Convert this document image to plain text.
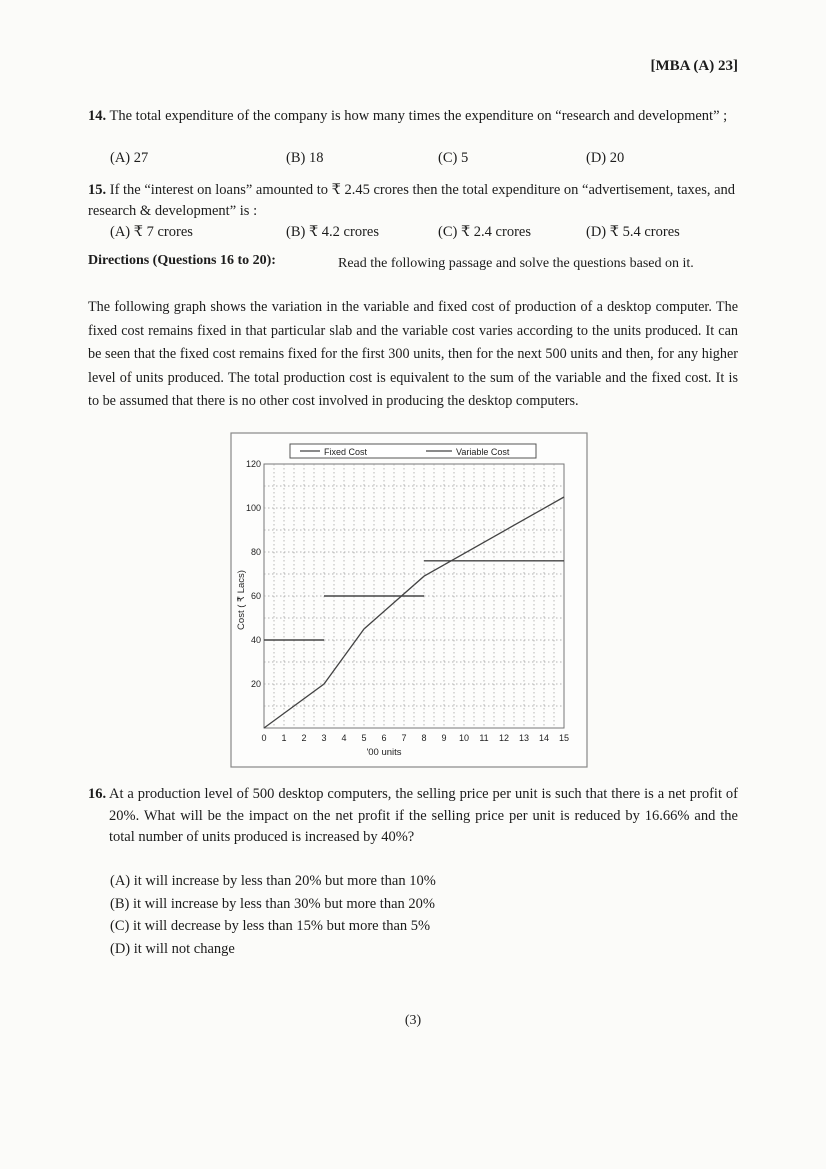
[MBA (A) 23]
14. The total expenditure of the company is how many times the expenditure on “research and development” ;
(A) 27	(B) 18	(C) 5	(D) 20
15. If the “interest on loans” amounted to ₹ 2.45 crores then the total expenditure on “advertisement, taxes, and research & development” is :
(A) ₹ 7 crores	(B) ₹ 4.2 crores	(C) ₹ 2.4 crores	(D) ₹ 5.4 crores
Directions (Questions 16 to 20):	Read the following passage and solve the questions based on it.
The following graph shows the variation in the variable and fixed cost of production of a desktop computer. The fixed cost remains fixed in that particular slab and the variable cost varies according to the units produced. It can be seen that the fixed cost remains fixed for the first 300 units, then for the next 500 units and then, for any higher level of units produced. The total production cost is equivalent to the sum of the variable and the fixed cost. It is to be assumed that there is no other cost involved in producing the desktop computers.
0 1 2 3 4 5 6 7 8 9 10 11 12 13 14 15
20
40
60
80
100
120
Fixed Cost	Variable Cost
'00 units
Cost ( ₹ Lacs)
16. At a production level of 500 desktop computers, the selling price per unit is such that there is a net profit of 20%. What will be the impact on the net profit if the selling price per unit is reduced by 16.66% and the total number of units produced is increased by 40%?
(A) it will increase by less than 20% but more than 10%
(B) it will increase by less than 30% but more than 20%
(C) it will decrease by less than 15% but more than 5%
(D) it will not change
(3)
